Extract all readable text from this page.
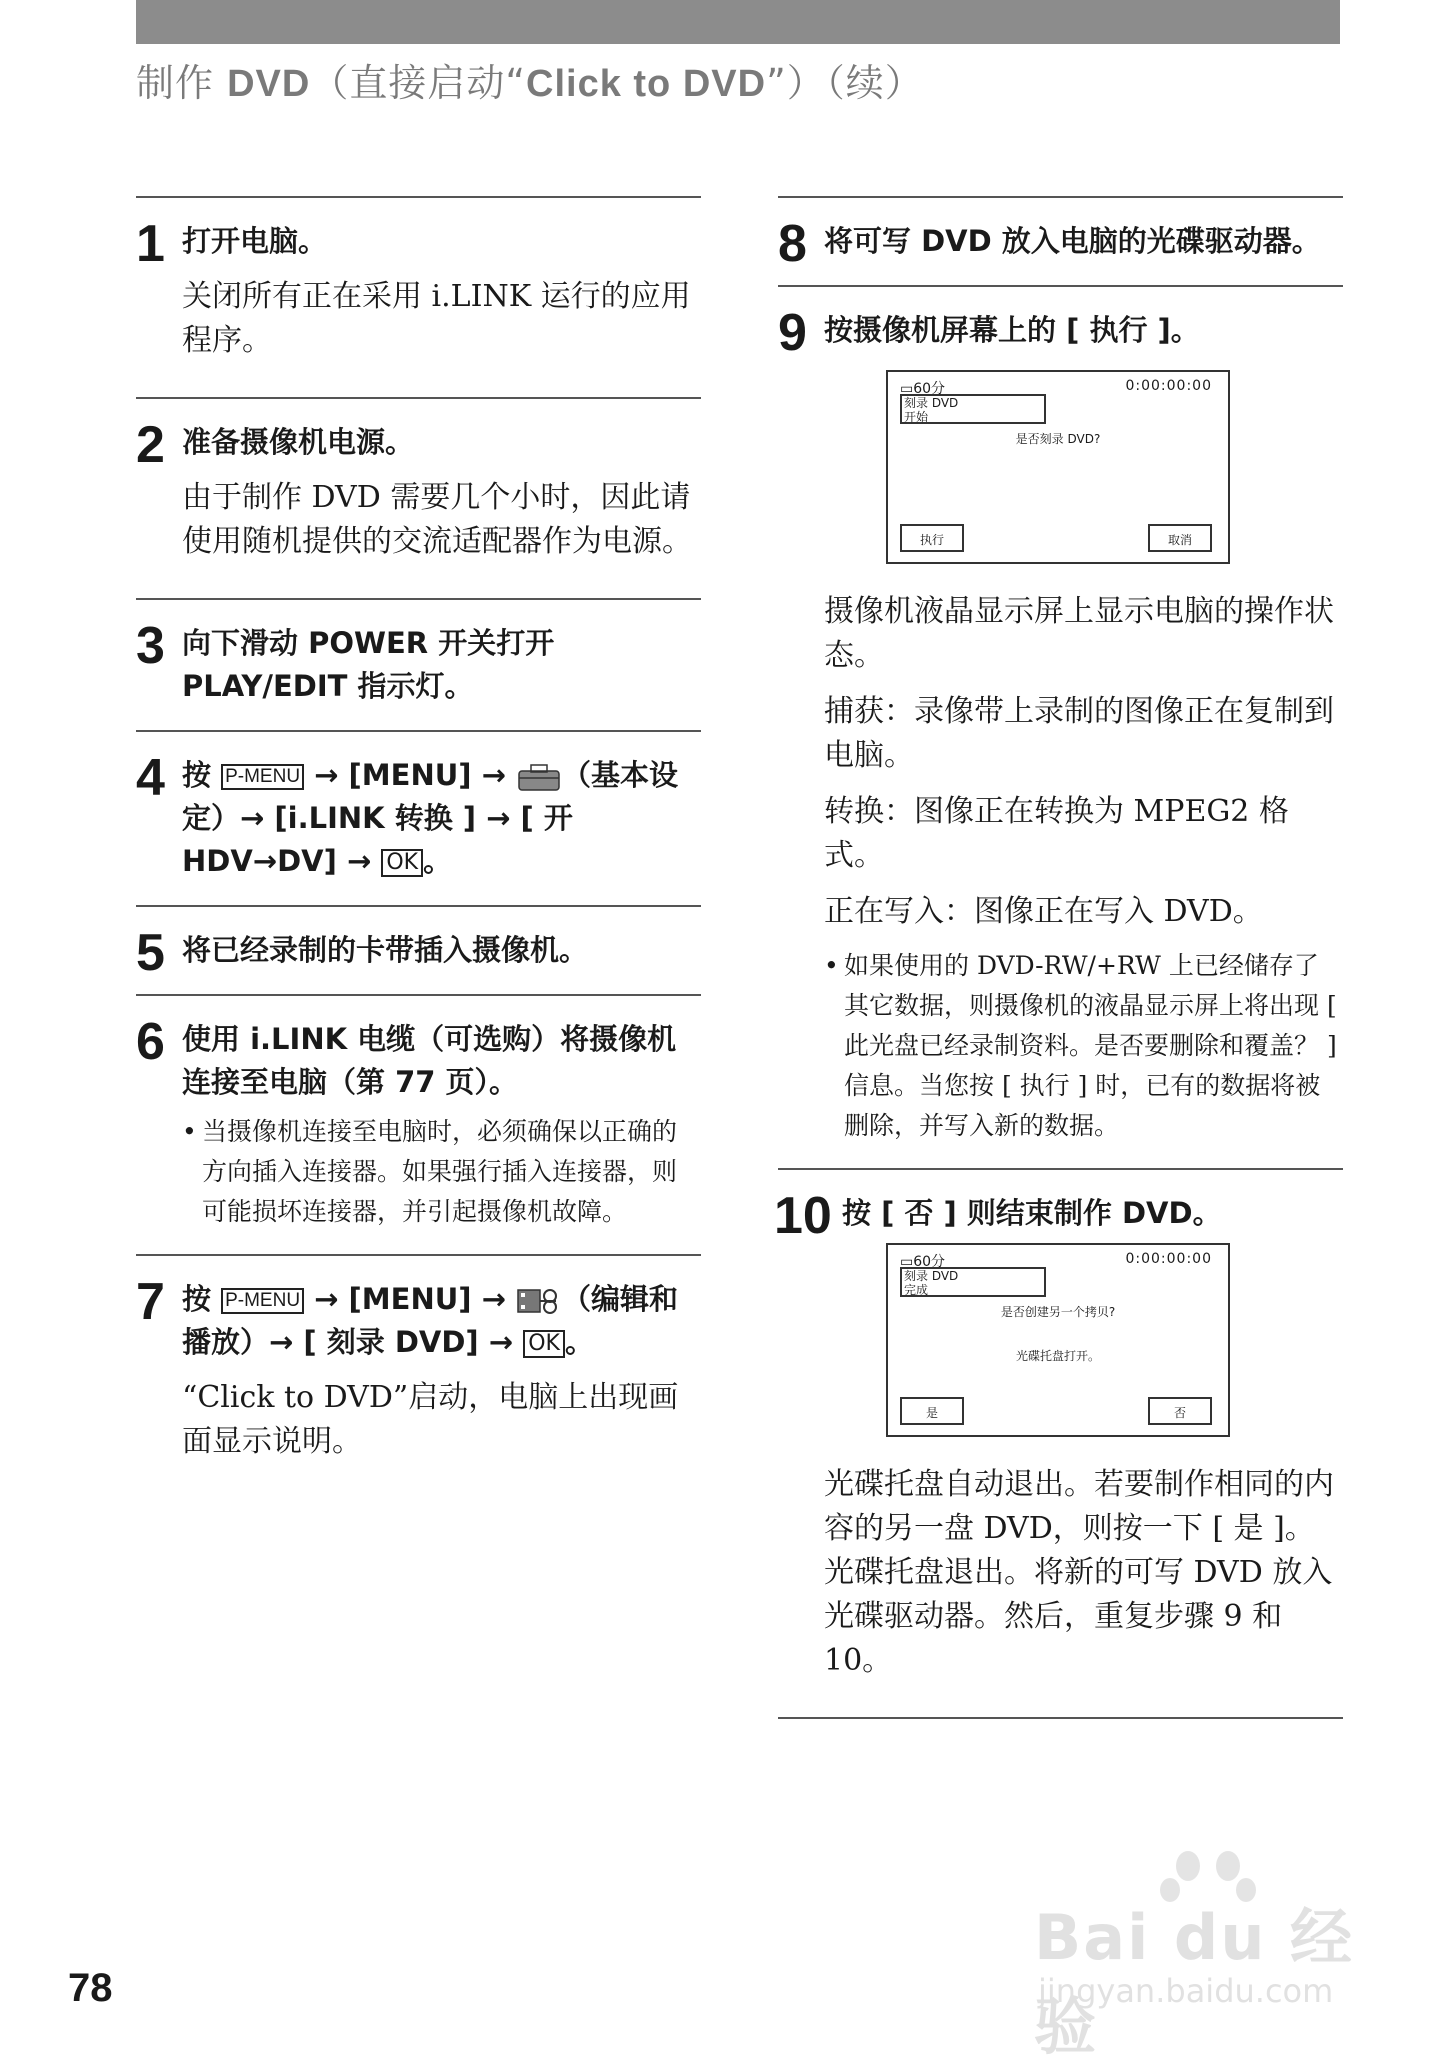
制作 DVD（直接启动“Click to DVD”）（续）
1 打开电脑。

关闭所有正在采用 i.LINK 运行的应用程序。

2 准备摄像机电源。

由于制作 DVD 需要几个小时，因此请使用随机提供的交流适配器作为电源。

3 向下滑动 POWER 开关打开 PLAY/EDIT 指示灯。
4 按 P-MENU → [MENU] → （基本设定）→ [i.LINK 转换 ] → [ 开 HDV→DV] → OK 。
5 将已经录制的卡带插入摄像机。
6 使用 i.LINK 电缆（可选购）将摄像机连接至电脑（第 77 页）。
• 当摄像机连接至电脑时，必须确保以正确的方向插入连接器。如果强行插入连接器，则可能损坏连接器，并引起摄像机故障。
7 按 P-MENU → [MENU] → （编辑和播放）→ [ 刻录 DVD] → OK 。

“Click to DVD”启动，电脑上出现画面显示说明。

8 将可写 DVD 放入电脑的光碟驱动器。
9 按摄像机屏幕上的 [ 执行 ]。
▭60分	0:00:00:00
刻录 DVD
开始
是否刻录 DVD?
执行	取消

摄像机液晶显示屏上显示电脑的操作状态。

捕获：录像带上录制的图像正在复制到电脑。

转换：图像正在转换为 MPEG2 格式。

正在写入：图像正在写入 DVD。

• 如果使用的 DVD-RW/+RW 上已经储存了其它数据，则摄像机的液晶显示屏上将出现 [ 此光盘已经录制资料。是否要删除和覆盖？ ] 信息。当您按 [ 执行 ] 时，已有的数据将被删除，并写入新的数据。
10 按 [ 否 ] 则结束制作 DVD。
▭60分	0:00:00:00
刻录 DVD
完成
是否创建另一个拷贝?
光碟托盘打开。
是	否

光碟托盘自动退出。若要制作相同的内容的另一盘 DVD，则按一下 [ 是 ]。光碟托盘退出。将新的可写 DVD 放入光碟驱动器。然后，重复步骤 9 和 10。

78
Bai du 经验
jingyan.baidu.com
